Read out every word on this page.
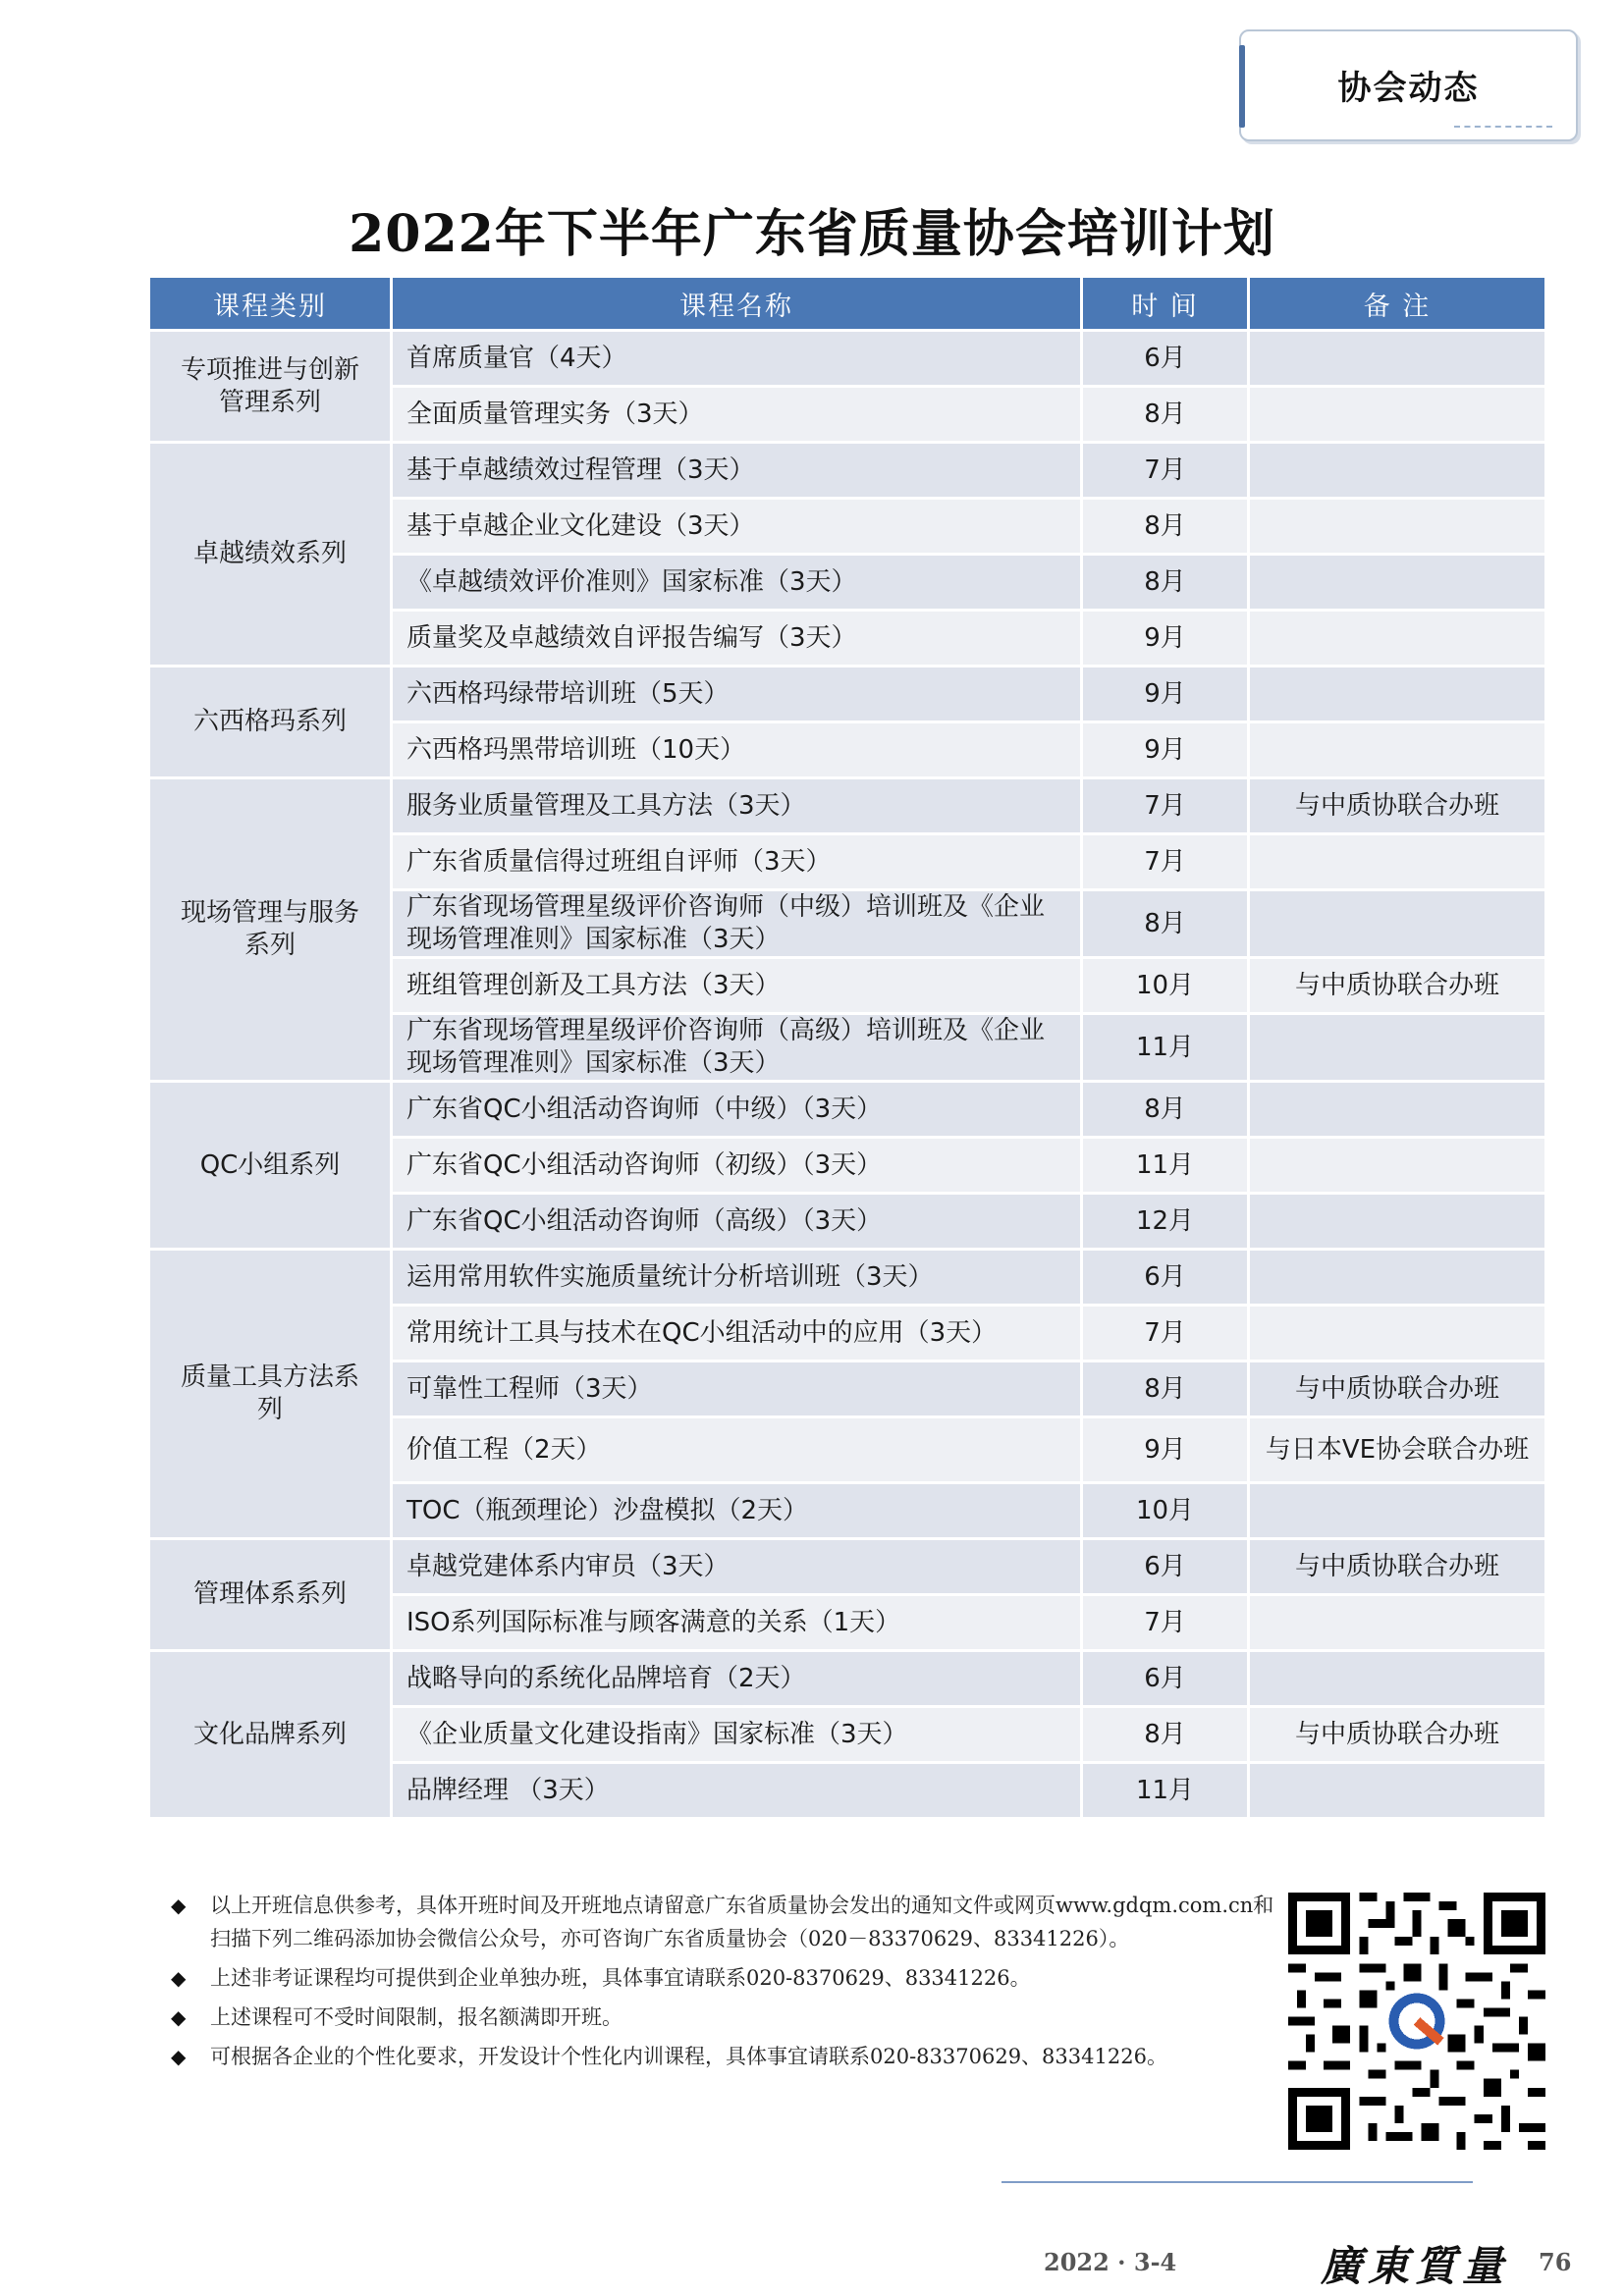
协会动态
2022年下半年广东省质量协会培训计划
课程类别	课程名称	时 间	备 注
专项推进与创新管理系列	首席质量官（4天）	6月	
	全面质量管理实务（3天）	8月	
卓越绩效系列	基于卓越绩效过程管理（3天）	7月	
	基于卓越企业文化建设（3天）	8月	
	《卓越绩效评价准则》国家标准（3天）	8月	
	质量奖及卓越绩效自评报告编写（3天）	9月	
六西格玛系列	六西格玛绿带培训班（5天）	9月	
	六西格玛黑带培训班（10天）	9月	
现场管理与服务系列	服务业质量管理及工具方法（3天）	7月	与中质协联合办班
	广东省质量信得过班组自评师（3天）	7月	
	广东省现场管理星级评价咨询师（中级）培训班及《企业现场管理准则》国家标准（3天）	8月	
	班组管理创新及工具方法（3天）	10月	与中质协联合办班
	广东省现场管理星级评价咨询师（高级）培训班及《企业现场管理准则》国家标准（3天）	11月	
QC小组系列	广东省QC小组活动咨询师（中级）（3天）	8月	
	广东省QC小组活动咨询师（初级）（3天）	11月	
	广东省QC小组活动咨询师（高级）（3天）	12月	
质量工具方法系列	运用常用软件实施质量统计分析培训班（3天）	6月	
	常用统计工具与技术在QC小组活动中的应用（3天）	7月	
	可靠性工程师（3天）	8月	与中质协联合办班
	价值工程（2天）	9月	与日本VE协会联合办班
	TOC（瓶颈理论）沙盘模拟（2天）	10月	
管理体系系列	卓越党建体系内审员（3天）	6月	与中质协联合办班
	ISO系列国际标准与顾客满意的关系（1天）	7月	
文化品牌系列	战略导向的系统化品牌培育（2天）	6月	
	《企业质量文化建设指南》国家标准（3天）	8月	与中质协联合办班
	品牌经理 （3天）	11月	
◆ 以上开班信息供参考，具体开班时间及开班地点请留意广东省质量协会发出的通知文件或网页www.gdqm.com.cn和扫描下列二维码添加协会微信公众号，亦可咨询广东省质量协会（020－83370629、83341226）。
◆ 上述非考证课程均可提供到企业单独办班，具体事宜请联系020-8370629、83341226。
◆ 上述课程可不受时间限制，报名额满即开班。
◆ 可根据各企业的个性化要求，开发设计个性化内训课程，具体事宜请联系020-83370629、83341226。
2022 · 3-4	廣東質量 76
